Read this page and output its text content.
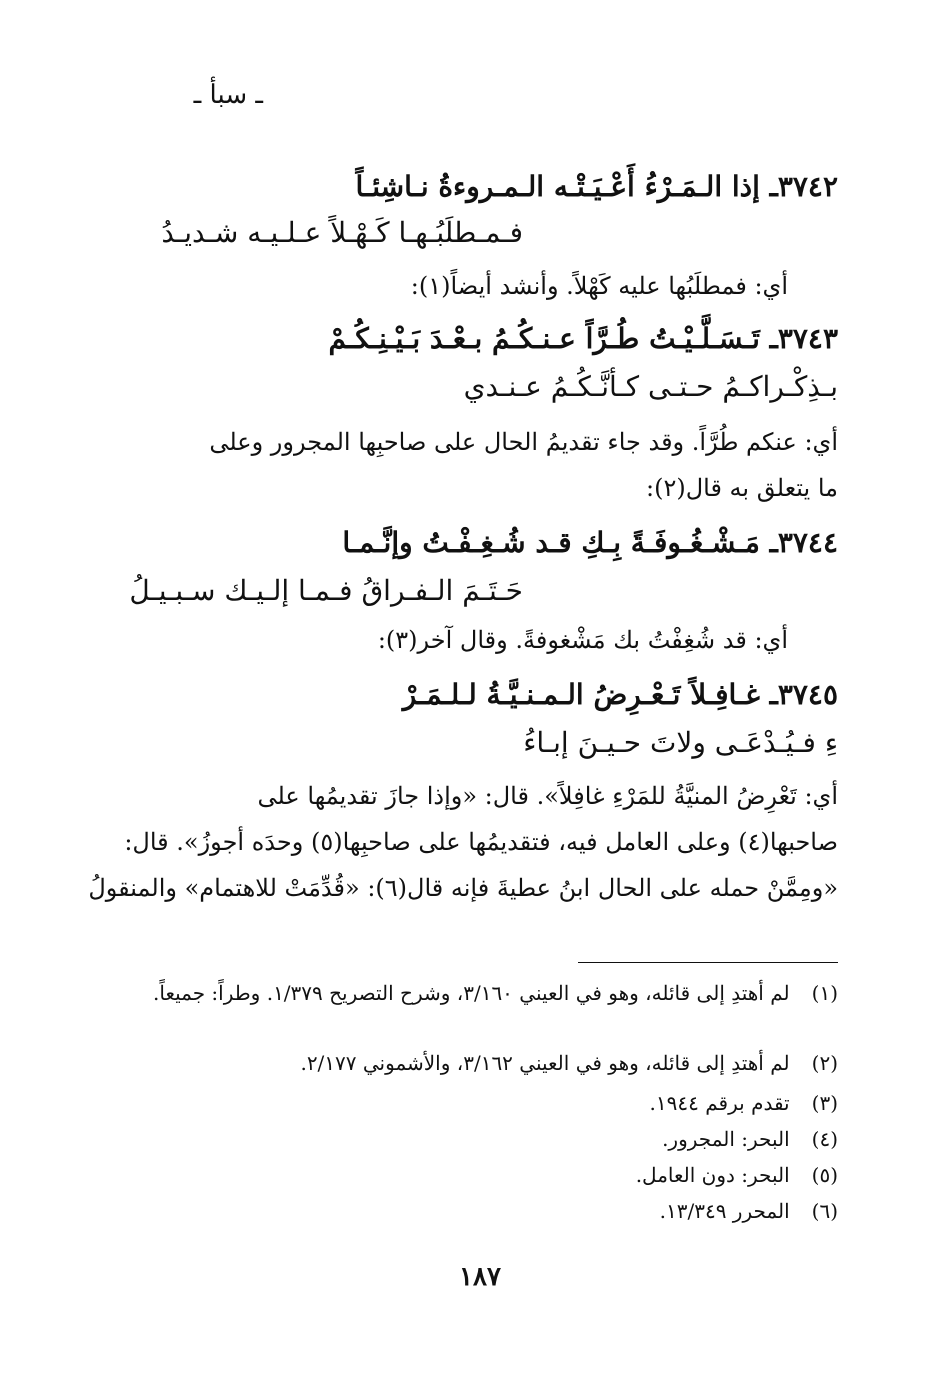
ـ سبأ ـ
٣٧٤٢ـ إذا الـمَـرْءُ أَعْـيَـتْـه الـمـروءةُ نـاشِئـاً
فـمـطلَبُـهـا كَـهْـلاً عـلـيـه شـديـدُ
أي: فمطلَبُها عليه كَهْلاً. وأنشد أيضاً(١):
٣٧٤٣ـ تَـسَـلَّـيْـتُ طُـرَّاً عـنـكُـمُ بـعْـدَ بَـيْـنِـكُـمْ
بـذِكْـراكـمُ حـتـى كـأنَّـكُـمُ عـنـدي
أي: عنكم طُرَّاً. وقد جاء تقديمُ الحال على صاحبِها المجرور وعلى
ما يتعلق به قال(٢):
٣٧٤٤ـ مَـشْـغُـوفَـةً بِـكِ قـد شُـغِـفْـتُ وإنَّـمـا
حَـتَـمَ الـفـراقُ فـمـا إلـيـك سـبـيـلُ
أي: قد شُغِفْتُ بك مَشْغوفةً. وقال آخر(٣):
٣٧٤٥ـ غـافِـلاً تَـعْـرِضُ الـمـنـيَّـةُ لـلـمَـرْ
ءِ فـيُـدْعَـى ولاتَ حـيـنَ إبـاءُ
أي: تَعْرِضُ المنيَّةُ للمَرْءِ غافِلاً». قال: «وإذا جازَ تقديمُها على
صاحبها(٤) وعلى العامل فيه، فتقديمُها على صاحبِها(٥) وحدَه أجوزُ». قال:
«ومِمَّنْ حمله على الحال ابنُ عطيةَ فإنه قال(٦): «قُدِّمَتْ للاهتمام» والمنقولُ
(١) لم أهتدِ إلى قائله، وهو في العيني ٣/١٦٠، وشرح التصريح ١/٣٧٩. وطراً: جميعاً.
(٢) لم أهتدِ إلى قائله، وهو في العيني ٣/١٦٢، والأشموني ٢/١٧٧.
(٣) تقدم برقم ١٩٤٤.
(٤) البحر: المجرور.
(٥) البحر: دون العامل.
(٦) المحرر ١٣/٣٤٩.
١٨٧
